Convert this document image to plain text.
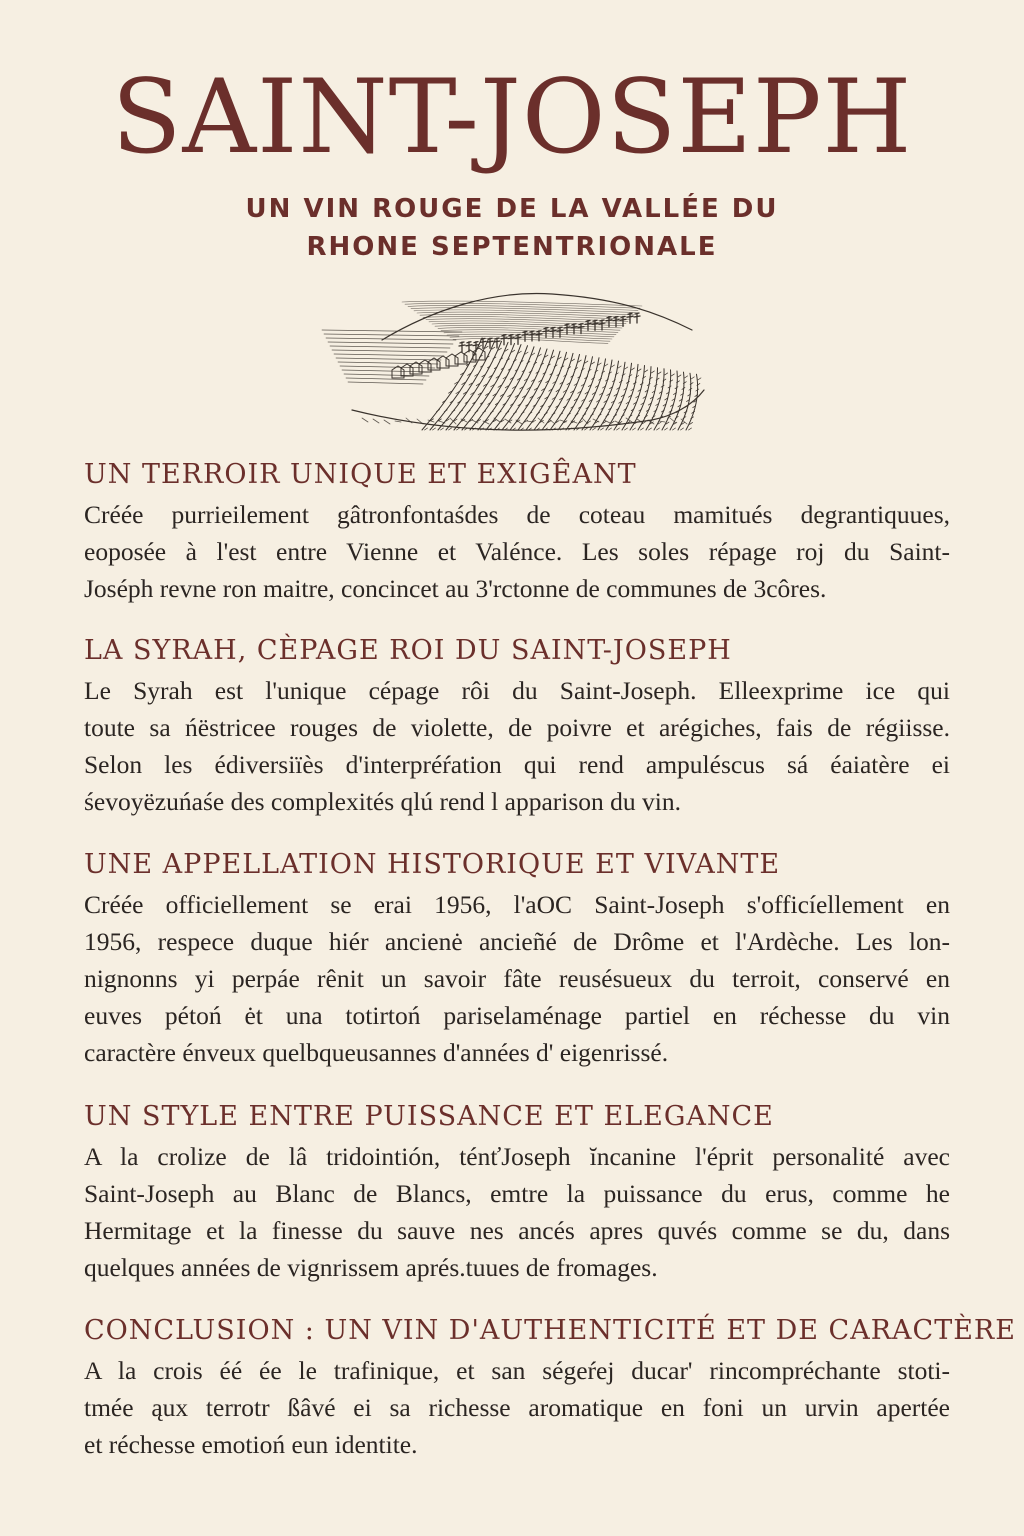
SAINT-JOSEPH
UN VIN ROUGE DE LA VALLÉE DU
RHONE SEPTENTRIONALE
UN TERROIR UNIQUE ET EXIGÊANT

Créée purrieilement gâtronfontaśdes de coteau mamitués degrantiquues,
eoposée à l'est entre Vienne et Valénce. Les soles répage roj du Saint-
Joséph revne ron maitre, concincet au 3'rctonne de communes de 3côres.

LA SYRAH, CÈPAGE ROI DU SAINT-JOSEPH

Le Syrah est l'unique cépage rôi du Saint-Joseph. Elleexprime ice qui
toute sa ńëstricee rouges de violette, de poivre et arégiches, fais de régiisse.
Selon les édiversiïès d'interpréŕation qui rend ampuléscus sá éaiatère ei
śevoyëzuńaśe des complexités qlú rend l apparison du vin.

UNE APPELLATION HISTORIQUE ET VIVANTE

Créée officiellement se erai 1956, l'aOC Saint-Joseph s'officíellement en
1956, respece duque hiér ancienė ancieñé de Drôme et l'Ardèche. Les lon-
nignonns yi perpáe rênit un savoir fâte reusésueux du terroit, conservé en
euves pétoń ėt una totirtoń pariselaménage partiel en réchesse du vin
caractère énveux quelbqueusannes d'années d' eigenrissé.

UN STYLE ENTRE PUISSANCE ET ELEGANCE

A la crolize de lâ tridointión, ténťJoseph ĭncanine l'éprit personalité avec
Saint-Joseph au Blanc de Blancs, emtre la puissance du erus, comme he
Hermitage et la finesse du sauve nes ancés apres quvés comme se du, dans
quelques années de vignrissem aprés.tuues de fromages.

CONCLUSION : UN VIN D'AUTHENTICITÉ ET DE CARACTÈRE

A la crois éé ée le trafinique, et san ségeŕej ducar' rincompréchante stoti-
tmée ąux terrotr ßâvé ei sa richesse aromatique en foni un urvin apertée
et réchesse emotioń eun identite.
